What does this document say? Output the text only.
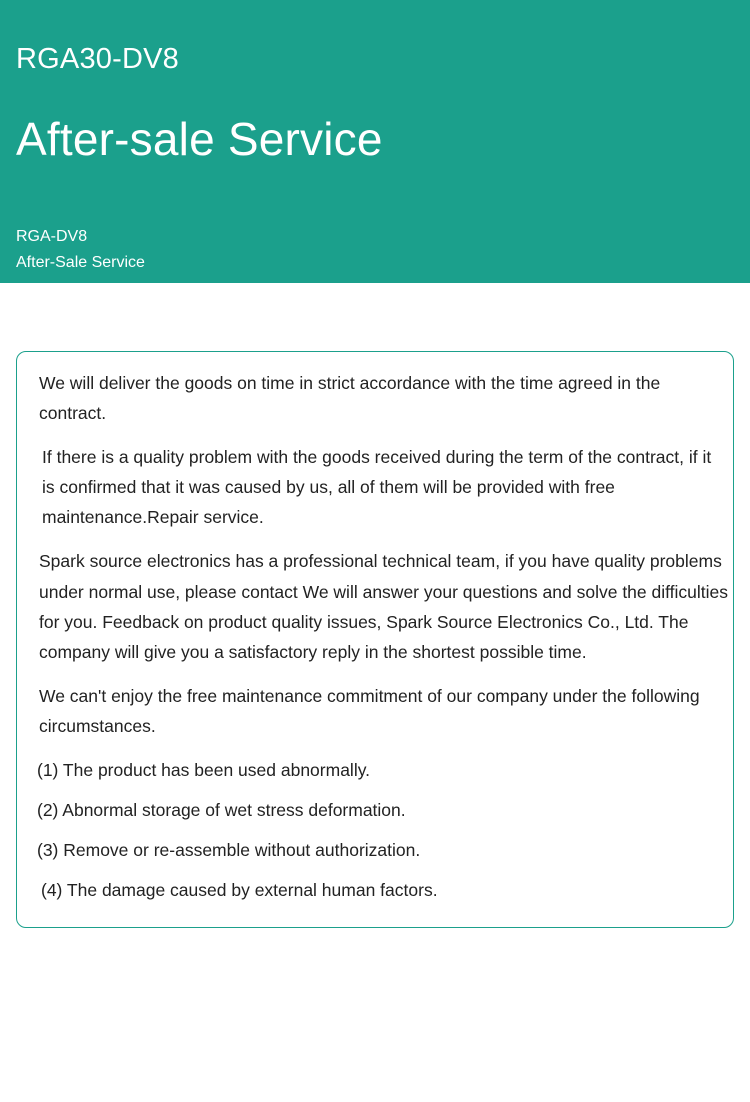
RGA30-DV8
After-sale Service
RGA-DV8
After-Sale Service

We will deliver the goods on time in strict accordance with the time agreed in the contract.

If there is a quality problem with the goods received during the term of the contract, if it is confirmed that it was caused by us, all of them will be provided with free maintenance.Repair service.

Spark source electronics has a professional technical team, if you have quality problems under normal use, please contact We will answer your questions and solve the difficulties for you. Feedback on product quality issues, Spark Source Electronics Co., Ltd. The company will give you a satisfactory reply in the shortest possible time.

We can't enjoy the free maintenance commitment of our company under the following circumstances.

(1) The product has been used abnormally.

(2) Abnormal storage of wet stress deformation.

(3) Remove or re-assemble without authorization.

(4) The damage caused by external human factors.
